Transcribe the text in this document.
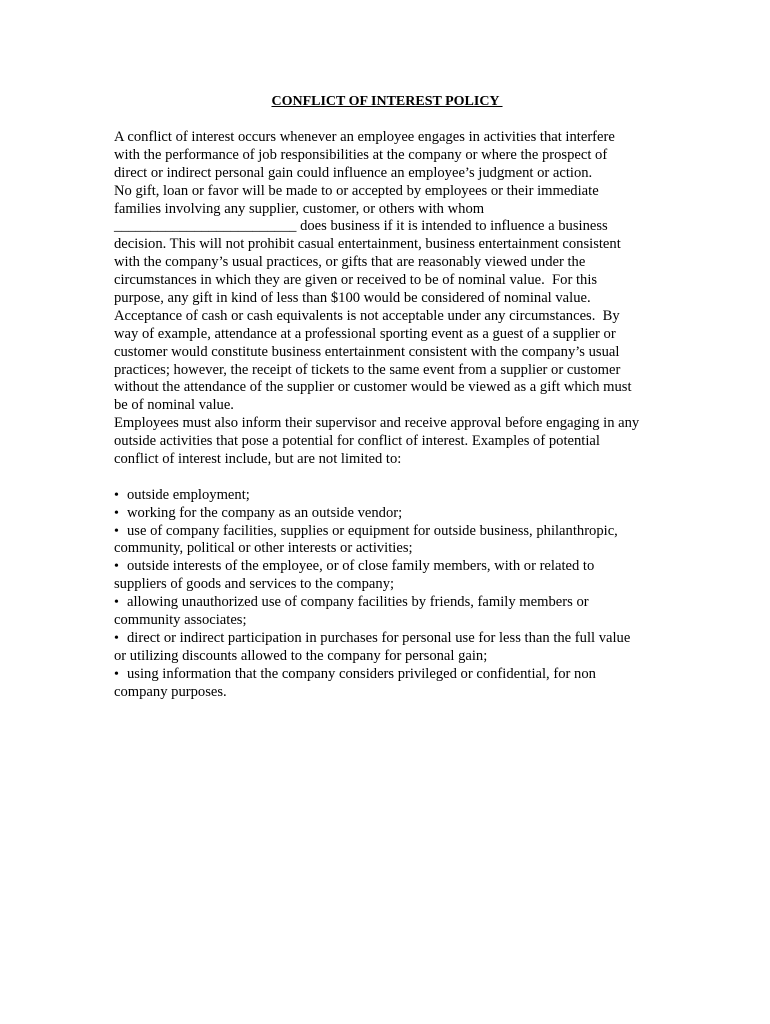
CONFLICT OF INTEREST POLICY
A conflict of interest occurs whenever an employee engages in activities that interfere
with the performance of job responsibilities at the company or where the prospect of
direct or indirect personal gain could influence an employee’s judgment or action.
No gift, loan or favor will be made to or accepted by employees or their immediate
families involving any supplier, customer, or others with whom
_________________________ does business if it is intended to influence a business
decision. This will not prohibit casual entertainment, business entertainment consistent
with the company’s usual practices, or gifts that are reasonably viewed under the
circumstances in which they are given or received to be of nominal value.  For this
purpose, any gift in kind of less than $100 would be considered of nominal value.
Acceptance of cash or cash equivalents is not acceptable under any circumstances.  By
way of example, attendance at a professional sporting event as a guest of a supplier or
customer would constitute business entertainment consistent with the company’s usual
practices; however, the receipt of tickets to the same event from a supplier or customer
without the attendance of the supplier or customer would be viewed as a gift which must
be of nominal value.
Employees must also inform their supervisor and receive approval before engaging in any
outside activities that pose a potential for conflict of interest. Examples of potential
conflict of interest include, but are not limited to:
• outside employment;
• working for the company as an outside vendor;
• use of company facilities, supplies or equipment for outside business, philanthropic,
community, political or other interests or activities;
• outside interests of the employee, or of close family members, with or related to
suppliers of goods and services to the company;
• allowing unauthorized use of company facilities by friends, family members or
community associates;
• direct or indirect participation in purchases for personal use for less than the full value
or utilizing discounts allowed to the company for personal gain;
• using information that the company considers privileged or confidential, for non
company purposes.
